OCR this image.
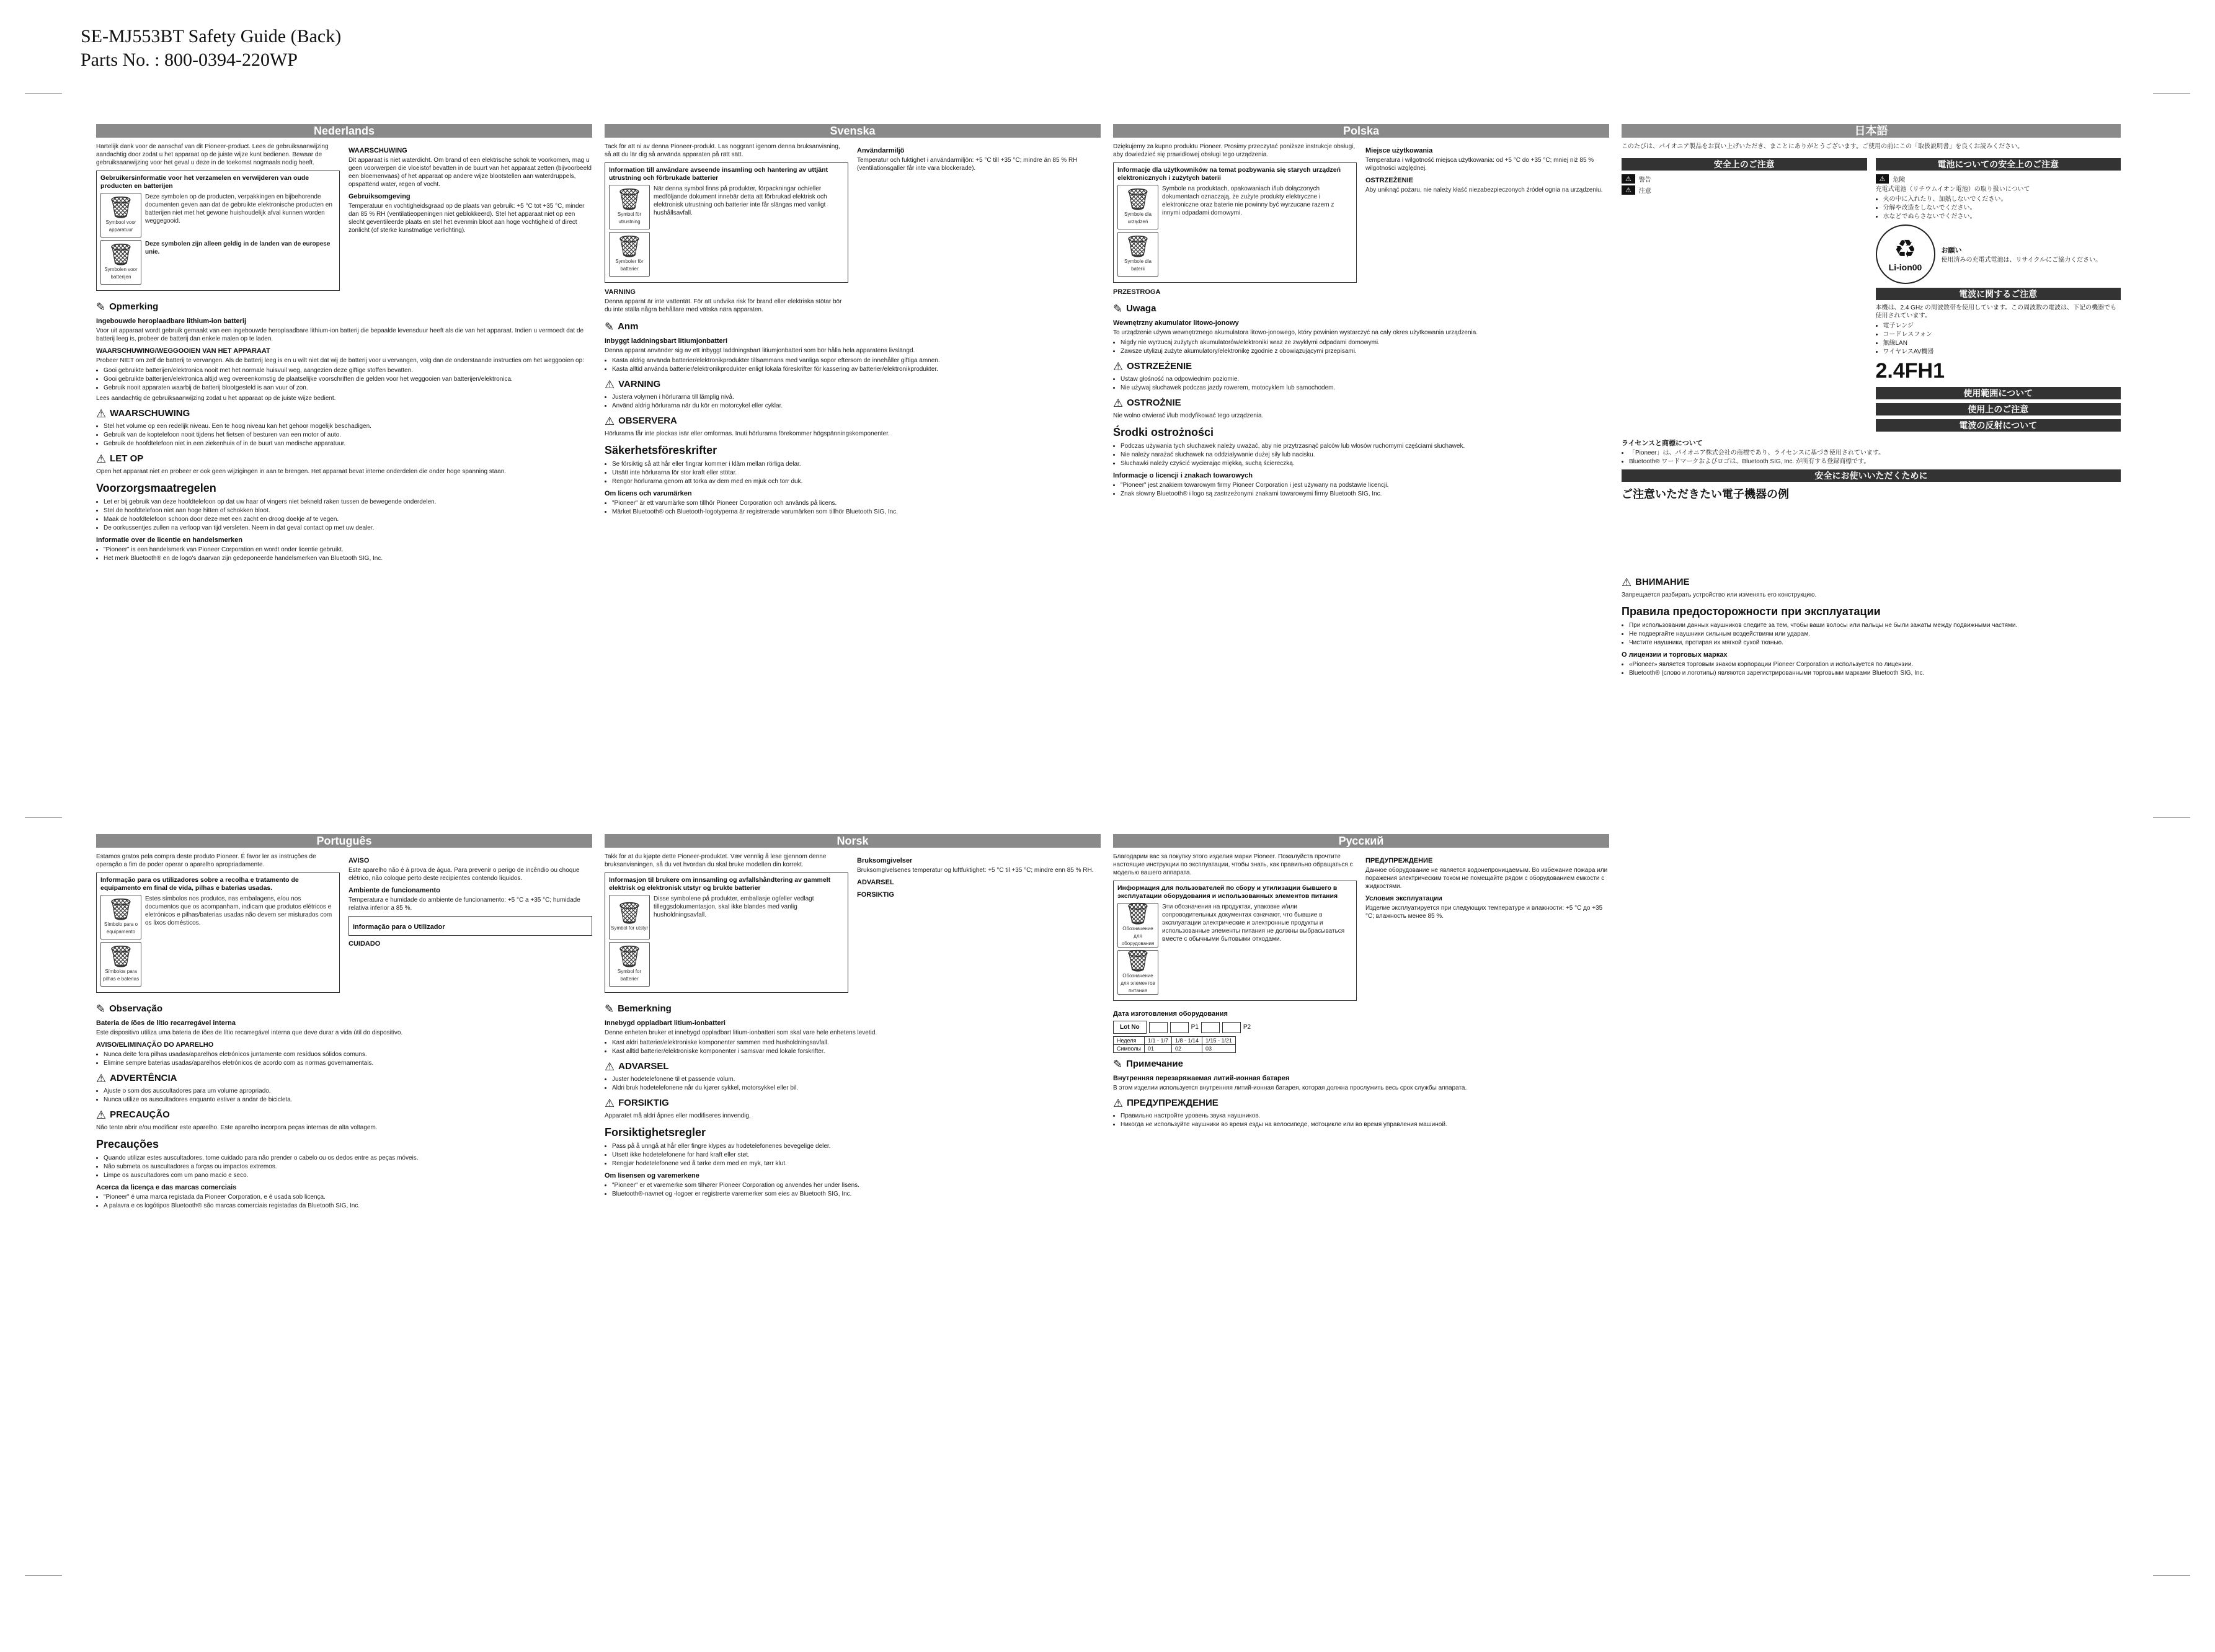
SE-MJ553BT Safety Guide (Back)
Parts No. : 800-0394-220WP
Nederlands
Hartelijk dank voor de aanschaf van dit Pioneer-product. Lees de gebruiksaanwijzing aandachtig door zodat u het apparaat op de juiste wijze kunt bedienen. Bewaar de gebruiksaanwijzing voor het geval u deze in de toekomst nogmaals nodig heeft.
Gebruikersinformatie voor het verzamelen en verwijderen van oude producten en batterijen
🗑
Symbool voor apparatuur
Deze symbolen op de producten, verpakkingen en bijbehorende documenten geven aan dat de gebruikte elektronische producten en batterijen niet met het gewone huishoudelijk afval kunnen worden weggegooid.
🗑
Symbolen voor batterijen
Deze symbolen zijn alleen geldig in de landen van de europese unie.
WAARSCHUWING
Dit apparaat is niet waterdicht. Om brand of een elektrische schok te voorkomen, mag u geen voorwerpen die vloeistof bevatten in de buurt van het apparaat zetten (bijvoorbeeld een bloemenvaas) of het apparaat op andere wijze blootstellen aan waterdruppels, opspattend water, regen of vocht.
Gebruiksomgeving
Temperatuur en vochtigheidsgraad op de plaats van gebruik: +5 °C tot +35 °C, minder dan 85 % RH (ventilatieopeningen niet geblokkeerd). Stel het apparaat niet op een slecht geventileerde plaats en stel het evenmin bloot aan hoge vochtigheid of direct zonlicht (of sterke kunstmatige verlichting).
✎ Opmerking
Ingebouwde heroplaadbare lithium-ion batterij
Voor uit apparaat wordt gebruik gemaakt van een ingebouwde heroplaadbare lithium-ion batterij die bepaalde levensduur heeft als die van het apparaat. Indien u vermoedt dat de batterij leeg is, probeer de batterij dan enkele malen op te laden.
WAARSCHUWING/WEGGOOIEN VAN HET APPARAAT
Probeer NIET om zelf de batterij te vervangen. Als de batterij leeg is en u wilt niet dat wij de batterij voor u vervangen, volg dan de onderstaande instructies om het weggooien op:
• Gooi gebruikte batterijen/elektronica nooit met het normale huisvuil weg, aangezien deze giftige stoffen bevatten.
• Gooi gebruikte batterijen/elektronica altijd weg overeenkomstig de plaatselijke voorschriften die gelden voor het weggooien van batterijen/elektronica.
• Gebruik nooit apparaten waarbij de batterij blootgesteld is aan vuur of zon.
Lees aandachtig de gebruiksaanwijzing zodat u het apparaat op de juiste wijze bedient.
⚠ WAARSCHUWING
• Stel het volume op een redelijk niveau. Een te hoog niveau kan het gehoor mogelijk beschadigen.
• Gebruik van de koptelefoon nooit tijdens het fietsen of besturen van een motor of auto.
• Gebruik de hoofdtelefoon niet in een ziekenhuis of in de buurt van medische apparatuur.
⚠ LET OP
Open het apparaat niet en probeer er ook geen wijzigingen in aan te brengen. Het apparaat bevat interne onderdelen die onder hoge spanning staan.
Voorzorgsmaatregelen
• Let er bij gebruik van deze hoofdtelefoon op dat uw haar of vingers niet bekneld raken tussen de bewegende onderdelen.
• Stel de hoofdtelefoon niet aan hoge hitten of schokken bloot.
• Maak de hoofdtelefoon schoon door deze met een zacht en droog doekje af te vegen.
• De oorkussentjes zullen na verloop van tijd versleten. Neem in dat geval contact op met uw dealer.
Informatie over de licentie en handelsmerken
• "Pioneer" is een handelsmerk van Pioneer Corporation en wordt onder licentie gebruikt.
• Het merk Bluetooth® en de logo's daarvan zijn gedeponeerde handelsmerken van Bluetooth SIG, Inc.
Svenska
Tack för att ni av denna Pioneer-produkt. Las noggrant igenom denna bruksanvisning, så att du lär dig så använda apparaten på rätt sätt.
Information till användare avseende insamling och hantering av uttjänt utrustning och förbrukade batterier
🗑
Symbol för utrustning
När denna symbol finns på produkter, förpackningar och/eller medföljande dokument innebär detta att förbrukad elektrisk och elektronisk utrustning och batterier inte får slängas med vanligt hushållsavfall.
🗑
Symboler för batterier
VARNING
Denna apparat är inte vattentät. För att undvika risk för brand eller elektriska stötar bör du inte ställa några behållare med vätska nära apparaten.
Användarmiljö
Temperatur och fuktighet i användarmiljön: +5 °C till +35 °C; mindre än 85 % RH (ventilationsgaller får inte vara blockerade).
✎ Anm
Inbyggt laddningsbart litiumjonbatteri
Denna apparat använder sig av ett inbyggt laddningsbart litiumjonbatteri som bör hålla hela apparatens livslängd.
• Kasta aldrig använda batterier/elektronikprodukter tillsammans med vanliga sopor eftersom de innehåller giftiga ämnen.
• Kasta alltid använda batterier/elektronikprodukter enligt lokala föreskrifter för kassering av batterier/elektronikprodukter.
⚠ VARNING
• Justera volymen i hörlurarna till lämplig nivå.
• Använd aldrig hörlurarna när du kör en motorcykel eller cyklar.
⚠ OBSERVERA
Hörlurarna får inte plockas isär eller omformas. Inuti hörlurarna förekommer högspänningskomponenter.
Säkerhetsföreskrifter
• Se försiktig så att hår eller fingrar kommer i kläm mellan rörliga delar.
• Utsätt inte hörlurarna för stor kraft eller stötar.
• Rengör hörlurarna genom att torka av dem med en mjuk och torr duk.
Om licens och varumärken
• "Pioneer" är ett varumärke som tillhör Pioneer Corporation och används på licens.
• Märket Bluetooth® och Bluetooth-logotyperna är registrerade varumärken som tillhör Bluetooth SIG, Inc.
Polska
Dziękujemy za kupno produktu Pioneer. Prosimy przeczytać poniższe instrukcje obsługi, aby dowiedzieć się prawidłowej obsługi tego urządzenia.
Informacje dla użytkowników na temat pozbywania się starych urządzeń elektronicznych i zużytych baterii
🗑
Symbole dla urządzeń
Symbole na produktach, opakowaniach i/lub dołączonych dokumentach oznaczają, że zużyte produkty elektryczne i elektroniczne oraz baterie nie powinny być wyrzucane razem z innymi odpadami domowymi.
🗑
Symbole dla baterii
PRZESTROGA
Miejsce użytkowania
Temperatura i wilgotność miejsca użytkowania: od +5 °C do +35 °C; mniej niż 85 % wilgotności względnej.
OSTRZEŻENIE
Aby uniknąć pożaru, nie należy kłaść niezabezpieczonych źródeł ognia na urządzeniu.
✎ Uwaga
Wewnętrzny akumulator litowo-jonowy
To urządzenie używa wewnętrznego akumulatora litowo-jonowego, który powinien wystarczyć na cały okres użytkowania urządzenia.
• Nigdy nie wyrzucaj zużytych akumulatorów/elektroniki wraz ze zwykłymi odpadami domowymi.
• Zawsze utylizuj zużyte akumulatory/elektronikę zgodnie z obowiązującymi przepisami.
⚠ OSTRZEŻENIE
• Ustaw głośność na odpowiednim poziomie.
• Nie używaj słuchawek podczas jazdy rowerem, motocyklem lub samochodem.
⚠ OSTROŻNIE
Nie wolno otwierać i/lub modyfikować tego urządzenia.
Środki ostrożności
• Podczas używania tych słuchawek należy uważać, aby nie przytrzasnąć palców lub włosów ruchomymi częściami słuchawek.
• Nie należy narażać słuchawek na oddziaływanie dużej siły lub nacisku.
• Słuchawki należy czyścić wycierając miękką, suchą ściereczką.
Informacje o licencji i znakach towarowych
• "Pioneer" jest znakiem towarowym firmy Pioneer Corporation i jest używany na podstawie licencji.
• Znak słowny Bluetooth® i logo są zastrzeżonymi znakami towarowymi firmy Bluetooth SIG, Inc.
日本語
このたびは、パイオニア製品をお買い上げいただき、まことにありがとうございます。ご使用の前にこの「取扱説明書」を良くお読みください。
安全上のご注意
⚠	警告
⚠	注意
電池についての安全上のご注意
⚠	危険
充電式電池（リチウムイオン電池）の取り扱いについて
• 火の中に入れたり、加熱しないでください。
• 分解や改造をしないでください。
• 水などでぬらさないでください。
♻
Li-ion00
お願い
使用済みの充電式電池は、リサイクルにご協力ください。
電波に関するご注意
本機は、2.4 GHz の周波数帯を使用しています。この周波数の電波は、下記の機器でも使用されています。
• 電子レンジ
• コードレスフォン
• 無線LAN
• ワイヤレスAV機器
2.4FH1
使用範囲について
使用上のご注意
電波の反射について
ライセンスと商標について
• 「Pioneer」は、パイオニア株式会社の商標であり、ライセンスに基づき使用されています。
• Bluetooth® ワードマークおよびロゴは、Bluetooth SIG, Inc. が所有する登録商標です。
安全にお使いいただくために
ご注意いただきたい電子機器の例
⚠ ВНИМАНИЕ
Запрещается разбирать устройство или изменять его конструкцию.
Правила предосторожности при эксплуатации
• При использовании данных наушников следите за тем, чтобы ваши волосы или пальцы не были зажаты между подвижными частями.
• Не подвергайте наушники сильным воздействиям или ударам.
• Чистите наушники, протирая их мягкой сухой тканью.
О лицензии и торговых марках
• «Pioneer» является торговым знаком корпорации Pioneer Corporation и используется по лицензии.
• Bluetooth® (слово и логотипы) являются зарегистрированными торговыми марками Bluetooth SIG, Inc.
Português
Estamos gratos pela compra deste produto Pioneer. É favor ler as instruções de operação a fim de poder operar o aparelho apropriadamente.
Informação para os utilizadores sobre a recolha e tratamento de equipamento em final de vida, pilhas e baterias usadas.
🗑
Símbolo para o equipamento
Estes símbolos nos produtos, nas embalagens, e/ou nos documentos que os acompanham, indicam que produtos elétricos e eletrónicos e pilhas/baterias usadas não devem ser misturados com os lixos domésticos.
🗑
Símbolos para pilhas e baterias
AVISO
Este aparelho não é à prova de água. Para prevenir o perigo de incêndio ou choque elétrico, não coloque perto deste recipientes contendo líquidos.
Ambiente de funcionamento
Temperatura e humidade do ambiente de funcionamento: +5 °C a +35 °C; humidade relativa inferior a 85 %.
Informação para o Utilizador
CUIDADO
✎ Observação
Bateria de íões de lítio recarregável interna
Este dispositivo utiliza uma bateria de íões de lítio recarregável interna que deve durar a vida útil do dispositivo.
AVISO/ELIMINAÇÃO DO APARELHO
• Nunca deite fora pilhas usadas/aparelhos eletrónicos juntamente com resíduos sólidos comuns.
• Elimine sempre baterias usadas/aparelhos eletrónicos de acordo com as normas governamentais.
⚠ ADVERTÊNCIA
• Ajuste o som dos auscultadores para um volume apropriado.
• Nunca utilize os auscultadores enquanto estiver a andar de bicicleta.
⚠ PRECAUÇÃO
Não tente abrir e/ou modificar este aparelho. Este aparelho incorpora peças internas de alta voltagem.
Precauções
• Quando utilizar estes auscultadores, tome cuidado para não prender o cabelo ou os dedos entre as peças móveis.
• Não submeta os auscultadores a forças ou impactos extremos.
• Limpe os auscultadores com um pano macio e seco.
Acerca da licença e das marcas comerciais
• "Pioneer" é uma marca registada da Pioneer Corporation, e é usada sob licença.
• A palavra e os logótipos Bluetooth® são marcas comerciais registadas da Bluetooth SIG, Inc.
Norsk
Takk for at du kjøpte dette Pioneer-produktet. Vær vennlig å lese gjennom denne bruksanvisningen, så du vet hvordan du skal bruke modellen din korrekt.
Informasjon til brukere om innsamling og avfallshåndtering av gammelt elektrisk og elektronisk utstyr og brukte batterier
🗑
Symbol for utstyr
Disse symbolene på produkter, emballasje og/eller vedlagt tilleggsdokumentasjon, skal ikke blandes med vanlig husholdningsavfall.
🗑
Symbol for batterier
Bruksomgivelser
Bruksomgivelsenes temperatur og luftfuktighet: +5 °C til +35 °C; mindre enn 85 % RH.
ADVARSEL
FORSIKTIG
✎ Bemerkning
Innebygd oppladbart litium-ionbatteri
Denne enheten bruker et innebygd oppladbart litium-ionbatteri som skal vare hele enhetens levetid.
• Kast aldri batterier/elektroniske komponenter sammen med husholdningsavfall.
• Kast alltid batterier/elektroniske komponenter i samsvar med lokale forskrifter.
⚠ ADVARSEL
• Juster hodetelefonene til et passende volum.
• Aldri bruk hodetelefonene når du kjører sykkel, motorsykkel eller bil.
⚠ FORSIKTIG
Apparatet må aldri åpnes eller modifiseres innvendig.
Forsiktighetsregler
• Pass på å unngå at hår eller fingre klypes av hodetelefonenes bevegelige deler.
• Utsett ikke hodetelefonene for hard kraft eller støt.
• Rengjør hodetelefonene ved å tørke dem med en myk, tørr klut.
Om lisensen og varemerkene
• "Pioneer" er et varemerke som tilhører Pioneer Corporation og anvendes her under lisens.
• Bluetooth®-navnet og -logoer er registrerte varemerker som eies av Bluetooth SIG, Inc.
Русский
Благодарим вас за покупку этого изделия марки Pioneer. Пожалуйста прочтите настоящие инструкции по эксплуатации, чтобы знать, как правильно обращаться с моделью вашего аппарата.
Информация для пользователей по сбору и утилизации бывшего в эксплуатации оборудования и использованных элементов питания
🗑
Обозначение для оборудования
Эти обозначения на продуктах, упаковке и/или сопроводительных документах означают, что бывшие в эксплуатации электрические и электронные продукты и использованные элементы питания не должны выбрасываться вместе с обычными бытовыми отходами.
🗑
Обозначение для элементов питания
ПРЕДУПРЕЖДЕНИЕ
Данное оборудование не является водонепроницаемым. Во избежание пожара или поражения электрическим током не помещайте рядом с оборудованием емкости с жидкостями.
Условия эксплуатации
Изделие эксплуатируется при следующих температуре и влажности: +5 °C до +35 °C; влажность менее 85 %.
Дата изготовления оборудования
Lot No	P1	P2
Неделя	1/1 - 1/7	1/8 - 1/14	1/15 - 1/21
Символы	01	02	03
✎ Примечание
Внутренняя перезаряжаемая литий-ионная батарея
В этом изделии используется внутренняя литий-ионная батарея, которая должна прослужить весь срок службы аппарата.
⚠ ПРЕДУПРЕЖДЕНИЕ
• Правильно настройте уровень звука наушников.
• Никогда не используйте наушники во время езды на велосипеде, мотоцикле или во время управления машиной.
